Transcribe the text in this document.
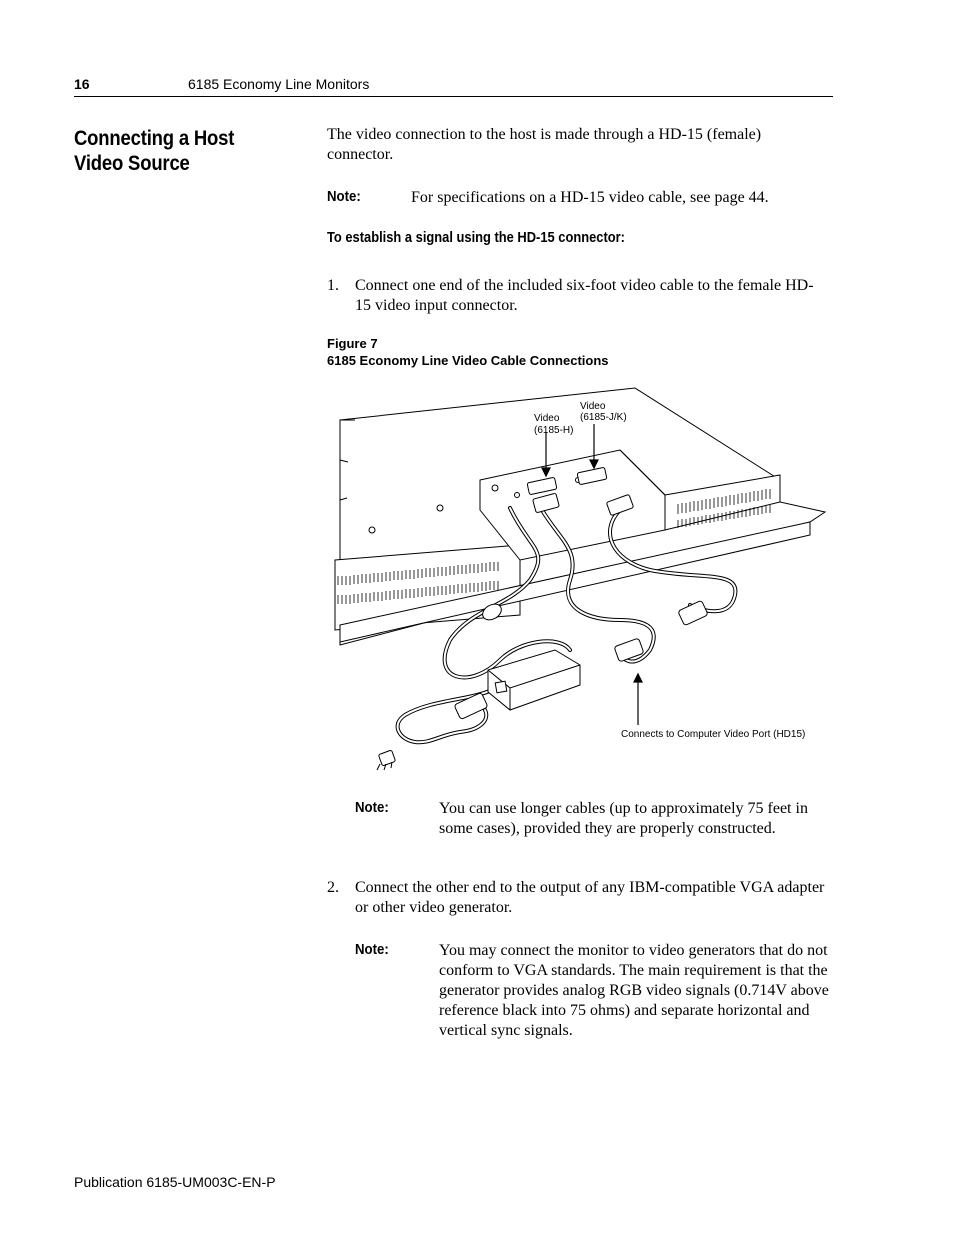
16	6185 Economy Line Monitors
Connecting a Host Video Source
The video connection to the host is made through a HD-15 (female) connector.
Note:	For specifications on a HD-15 video cable, see page 44.
To establish a signal using the HD-15 connector:
1. Connect one end of the included six-foot video cable to the female HD-15 video input connector.
Figure 7
6185 Economy Line Video Cable Connections
Video
(6185-H)
Video
(6185-J/K)
Connects to Computer Video Port (HD15)
Note:	You can use longer cables (up to approximately 75 feet in some cases), provided they are properly constructed.
2. Connect the other end to the output of any IBM-compatible VGA adapter or other video generator.
Note:	You may connect the monitor to video generators that do not conform to VGA standards. The main requirement is that the generator provides analog RGB video signals (0.714V above reference black into 75 ohms) and separate horizontal and vertical sync signals.
Publication 6185-UM003C-EN-P
